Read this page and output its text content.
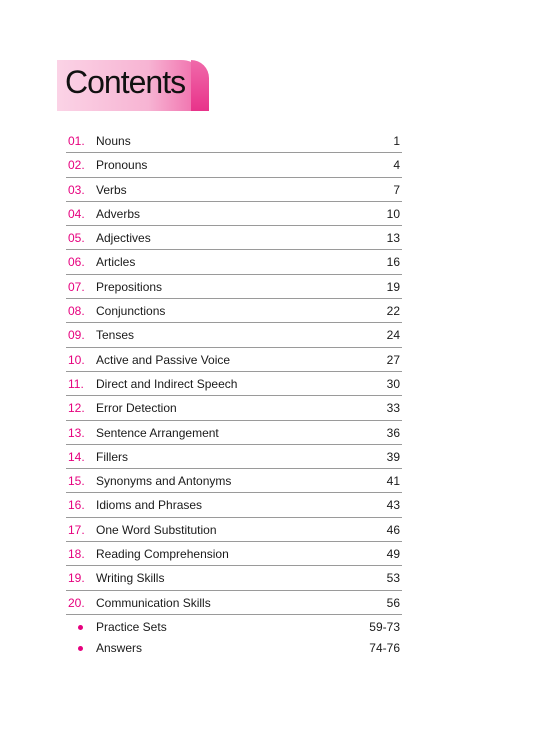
Contents
01. Nouns	1
02. Pronouns	4
03. Verbs	7
04. Adverbs	10
05. Adjectives	13
06. Articles	16
07. Prepositions	19
08. Conjunctions	22
09. Tenses	24
10. Active and Passive Voice	27
11. Direct and Indirect Speech	30
12. Error Detection	33
13. Sentence Arrangement	36
14. Fillers	39
15. Synonyms and Antonyms	41
16. Idioms and Phrases	43
17. One Word Substitution	46
18. Reading Comprehension	49
19. Writing Skills	53
20. Communication Skills	56
Practice Sets	59-73
Answers	74-76
